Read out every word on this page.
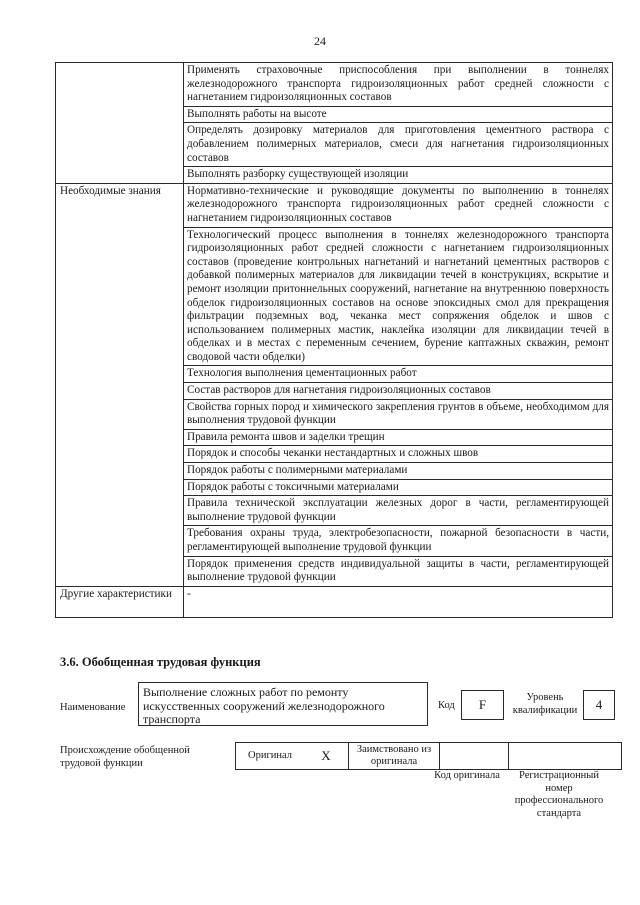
24
	Применять страховочные приспособления при выполнении в тоннелях железнодорожного транспорта гидроизоляционных работ средней сложности с нагнетанием гидроизоляционных составов
	Выполнять работы на высоте
	Определять дозировку материалов для приготовления цементного раствора с добавлением полимерных материалов, смеси для нагнетания гидроизоляционных составов
	Выполнять разборку существующей изоляции
Необходимые знания	Нормативно-технические и руководящие документы по выполнению в тоннелях железнодорожного транспорта гидроизоляционных работ средней сложности с нагнетанием гидроизоляционных составов
	Технологический процесс выполнения в тоннелях железнодорожного транспорта гидроизоляционных работ средней сложности с нагнетанием гидроизоляционных составов (проведение контрольных нагнетаний и нагнетаний цементных растворов с добавкой полимерных материалов для ликвидации течей в конструкциях, вскрытие и ремонт изоляции притоннельных сооружений, нагнетание на внутреннюю поверхность обделок гидроизоляционных составов на основе эпоксидных смол для прекращения фильтрации подземных вод, чеканка мест сопряжения обделок и швов с использованием полимерных мастик, наклейка изоляции для ликвидации течей в обделках и в местах с переменным сечением, бурение каптажных скважин, ремонт сводовой части обделки)
	Технология выполнения цементационных работ
	Состав растворов для нагнетания гидроизоляционных составов
	Свойства горных пород и химического закрепления грунтов в объеме, необходимом для выполнения трудовой функции
	Правила ремонта швов и заделки трещин
	Порядок и способы чеканки нестандартных и сложных швов
	Порядок работы с полимерными материалами
	Порядок работы с токсичными материалами
	Правила технической эксплуатации железных дорог в части, регламентирующей выполнение трудовой функции
	Требования охраны труда, электробезопасности, пожарной безопасности в части, регламентирующей выполнение трудовой функции
	Порядок применения средств индивидуальной защиты в части, регламентирующей выполнение трудовой функции
Другие характеристики	-
3.6. Обобщенная трудовая функция
Наименование
Выполнение сложных работ по ремонту искусственных сооружений железнодорожного транспорта
Код	F	Уровень квалификации	4
Происхождение обобщенной трудовой функции
Оригинал	X	Заимствовано из оригинала		
Код оригинала	Регистрационный номер профессионального стандарта
